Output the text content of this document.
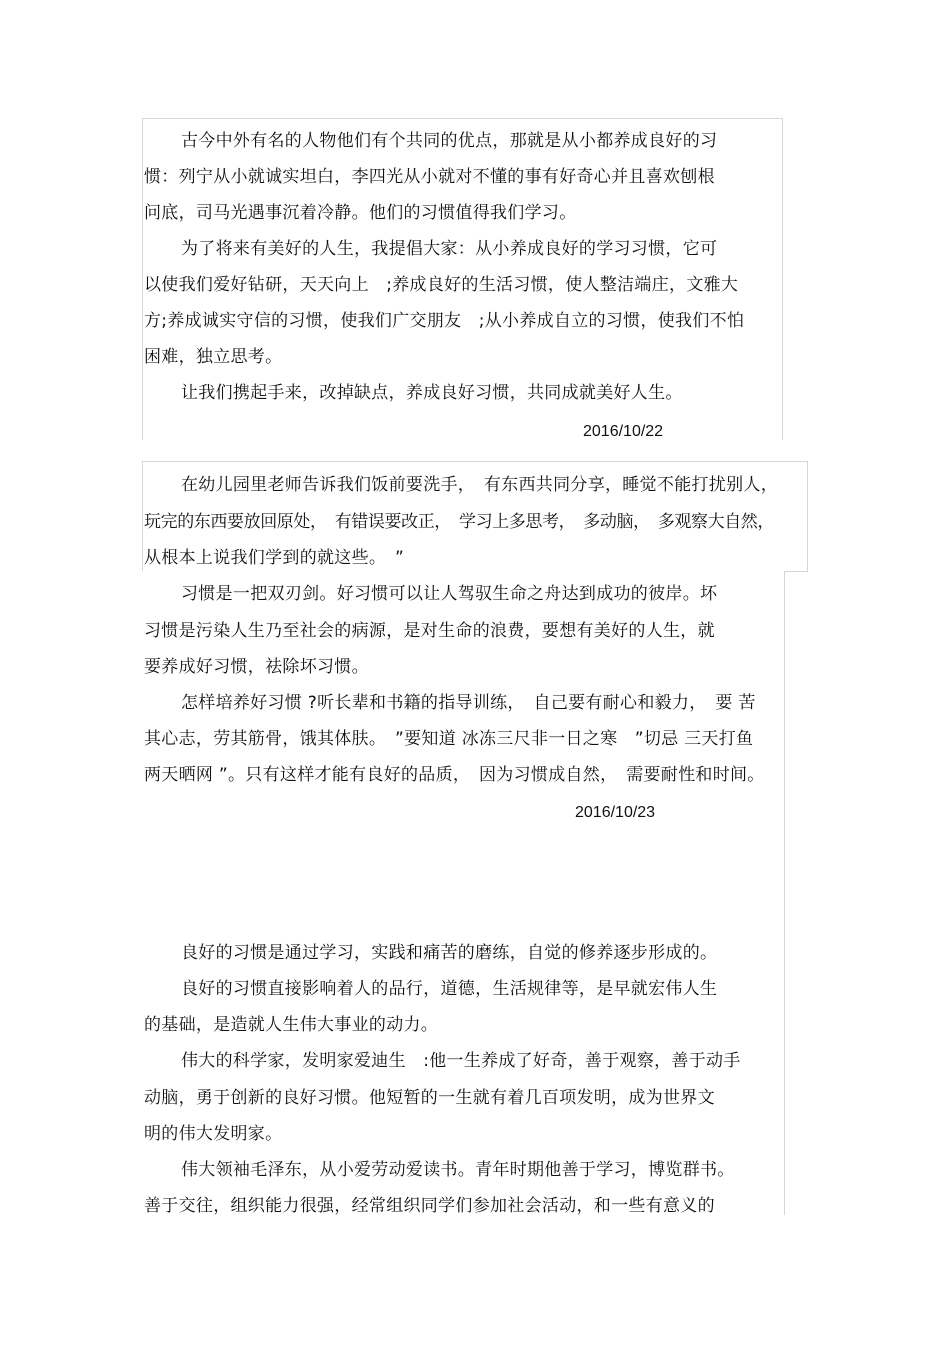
古今中外有名的人物他们有个共同的优点，那就是从小都养成良好的习

惯：列宁从小就诚实坦白，李四光从小就对不懂的事有好奇心并且喜欢刨根

问底，司马光遇事沉着冷静。他们的习惯值得我们学习。

为了将来有美好的人生，我提倡大家：从小养成良好的学习习惯，它可

以使我们爱好钻研，天天向上　;养成良好的生活习惯，使人整洁端庄，文雅大

方;养成诚实守信的习惯，使我们广交朋友　;从小养成自立的习惯，使我们不怕

困难，独立思考。

让我们携起手来，改掉缺点，养成良好习惯，共同成就美好人生。

2016/10/22

在幼儿园里老师告诉我们饭前要洗手，　有东西共同分享，睡觉不能打扰别人，

玩完的东西要放回原处，　有错误要改正，　学习上多思考，　多动脑，　多观察大自然，

从根本上说我们学到的就这些。　”

习惯是一把双刃剑。好习惯可以让人驾驭生命之舟达到成功的彼岸。坏

习惯是污染人生乃至社会的病源，是对生命的浪费，要想有美好的人生，就

要养成好习惯，祛除坏习惯。

怎样培养好习惯 ?听长辈和书籍的指导训练，　自己要有耐心和毅力，　要 苦

其心志，劳其筋骨，饿其体肤。　”要知道 冰冻三尺非一日之寒　”切忌 三天打鱼

两天晒网 ”。只有这样才能有良好的品质，　因为习惯成自然，　需要耐性和时间。

2016/10/23

良好的习惯是通过学习，实践和痛苦的磨练，自觉的修养逐步形成的。

良好的习惯直接影响着人的品行，道德，生活规律等，是早就宏伟人生

的基础，是造就人生伟大事业的动力。

伟大的科学家，发明家爱迪生　:他一生养成了好奇，善于观察，善于动手

动脑，勇于创新的良好习惯。他短暂的一生就有着几百项发明，成为世界文

明的伟大发明家。

伟大领袖毛泽东，从小爱劳动爱读书。青年时期他善于学习，博览群书。

善于交往，组织能力很强，经常组织同学们参加社会活动，和一些有意义的
